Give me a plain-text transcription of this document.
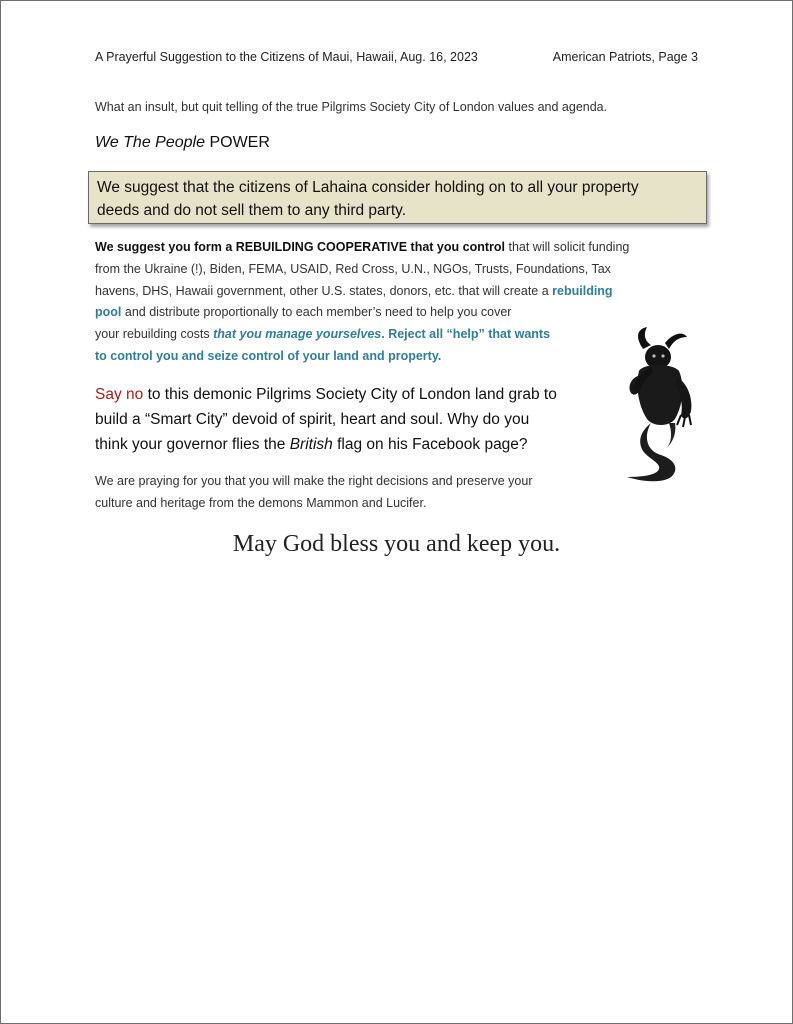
A Prayerful Suggestion to the Citizens of Maui, Hawaii, Aug. 16, 2023	American Patriots, Page 3
What an insult, but quit telling of the true Pilgrims Society City of London values and agenda.
We The People POWER
We suggest that the citizens of Lahaina consider holding on to all your property
deeds and do not sell them to any third party.
We suggest you form a REBUILDING COOPERATIVE that you control that will solicit funding
from the Ukraine (!), Biden, FEMA, USAID, Red Cross, U.N., NGOs, Trusts, Foundations, Tax
havens, DHS, Hawaii government, other U.S. states, donors, etc. that will create a rebuilding
pool and distribute proportionally to each member’s need to help you cover
your rebuilding costs that you manage yourselves. Reject all “help” that wants
to control you and seize control of your land and property.
Say no to this demonic Pilgrims Society City of London land grab to
build a “Smart City” devoid of spirit, heart and soul. Why do you
think your governor flies the British flag on his Facebook page?
We are praying for you that you will make the right decisions and preserve your
culture and heritage from the demons Mammon and Lucifer.
May God bless you and keep you.
